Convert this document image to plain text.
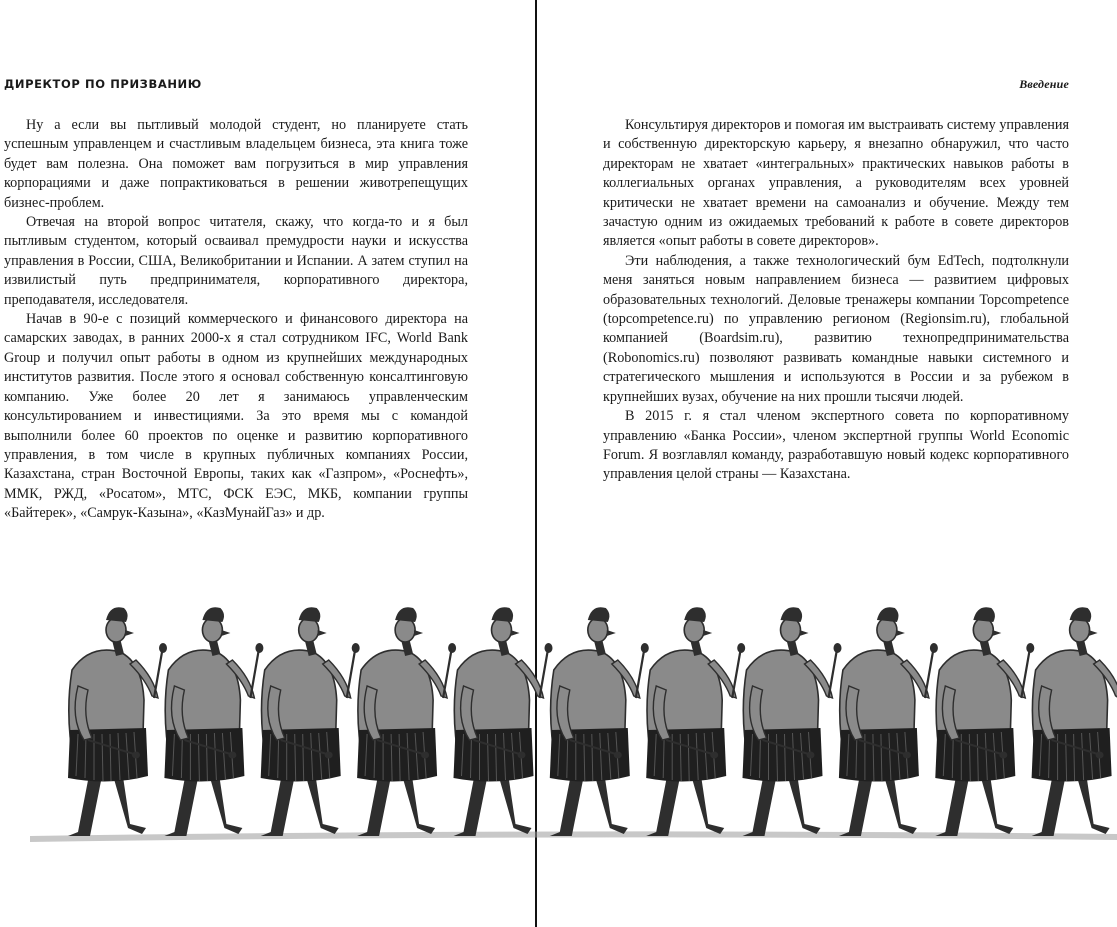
ДИРЕКТОР ПО ПРИЗВАНИЮ

Ну а если вы пытливый молодой студент, но планируете стать успешным управленцем и счастливым владельцем бизнеса, эта книга тоже будет вам полезна. Она поможет вам погрузиться в мир управления корпорациями и даже попрактиковаться в решении животрепещущих бизнес-проблем.

Отвечая на второй вопрос читателя, скажу, что когда-то и я был пытливым студентом, который осваивал премудрости науки и искусства управления в России, США, Великобритании и Испании. А затем ступил на извилистый путь предпринимателя, корпоративного директора, преподавателя, исследователя.

Начав в 90-е с позиций коммерческого и финансового директора на самарских заводах, в ранних 2000-х я стал сотрудником IFC, World Bank Group и получил опыт работы в одном из крупнейших международных институтов развития. После этого я основал собственную консалтинговую компанию. Уже более 20 лет я занимаюсь управленческим консультированием и инвестициями. За это время мы с командой выполнили более 60 проектов по оценке и развитию корпоративного управления, в том числе в крупных публичных компаниях России, Казахстана, стран Восточной Европы, таких как «Газпром», «Роснефть», ММК, РЖД, «Росатом», МТС, ФСК ЕЭС, МКБ, компании группы «Байтерек», «Самрук-Казына», «КазМунайГаз» и др.

Введение

Консультируя директоров и помогая им выстраивать систему управления и собственную директорскую карьеру, я внезапно обнаружил, что часто директорам не хватает «интегральных» практических навыков работы в коллегиальных органах управления, а руководителям всех уровней критически не хватает времени на самоанализ и обучение. Между тем зачастую одним из ожидаемых требований к работе в совете директоров является «опыт работы в совете директоров».

Эти наблюдения, а также технологический бум EdTech, подтолкнули меня заняться новым направлением бизнеса — развитием цифровых образовательных технологий. Деловые тренажеры компании Topcompetence (topcompetence.ru) по управлению регионом (Regionsim.ru), глобальной компанией (Boardsim.ru), развитию технопредпринимательства (Robonomics.ru) позволяют развивать командные навыки системного и стратегического мышления и используются в России и за рубежом в крупнейших вузах, обучение на них прошли тысячи людей.

В 2015 г. я стал членом экспертного совета по корпоративному управлению «Банка России», членом экспертной группы World Economic Forum. Я возглавлял команду, разработавшую новый кодекс корпоративного управления целой страны — Казахстана.
